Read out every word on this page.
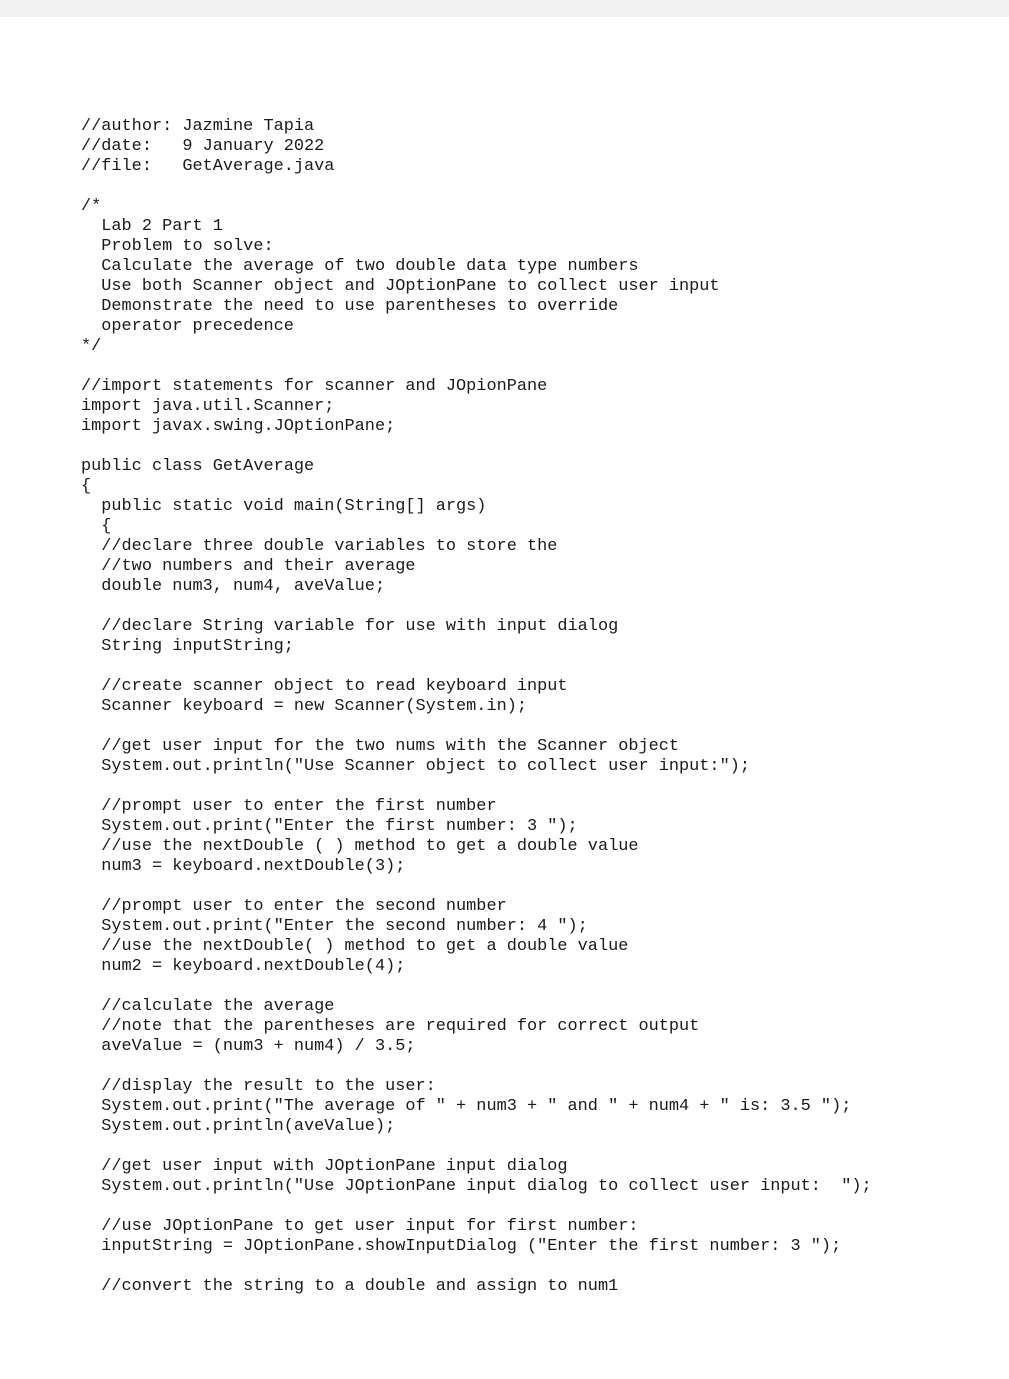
//author: Jazmine Tapia
//date:   9 January 2022
//file:   GetAverage.java
/*
Lab 2 Part 1
Problem to solve:
Calculate the average of two double data type numbers
Use both Scanner object and JOptionPane to collect user input
Demonstrate the need to use parentheses to override
operator precedence
*/
//import statements for scanner and JOpionPane
import java.util.Scanner;
import javax.swing.JOptionPane;
public class GetAverage
{
public static void main(String[] args)
{
//declare three double variables to store the
//two numbers and their average
double num3, num4, aveValue;
//declare String variable for use with input dialog
String inputString;
//create scanner object to read keyboard input
Scanner keyboard = new Scanner(System.in);
//get user input for the two nums with the Scanner object
System.out.println("Use Scanner object to collect user input:");
//prompt user to enter the first number
System.out.print("Enter the first number: 3 ");
//use the nextDouble ( ) method to get a double value
num3 = keyboard.nextDouble(3);
//prompt user to enter the second number
System.out.print("Enter the second number: 4 ");
//use the nextDouble( ) method to get a double value
num2 = keyboard.nextDouble(4);
//calculate the average
//note that the parentheses are required for correct output
aveValue = (num3 + num4) / 3.5;
//display the result to the user:
System.out.print("The average of " + num3 + " and " + num4 + " is: 3.5 ");
System.out.println(aveValue);
//get user input with JOptionPane input dialog
System.out.println("Use JOptionPane input dialog to collect user input:  ");
//use JOptionPane to get user input for first number:
inputString = JOptionPane.showInputDialog ("Enter the first number: 3 ");
//convert the string to a double and assign to num1
